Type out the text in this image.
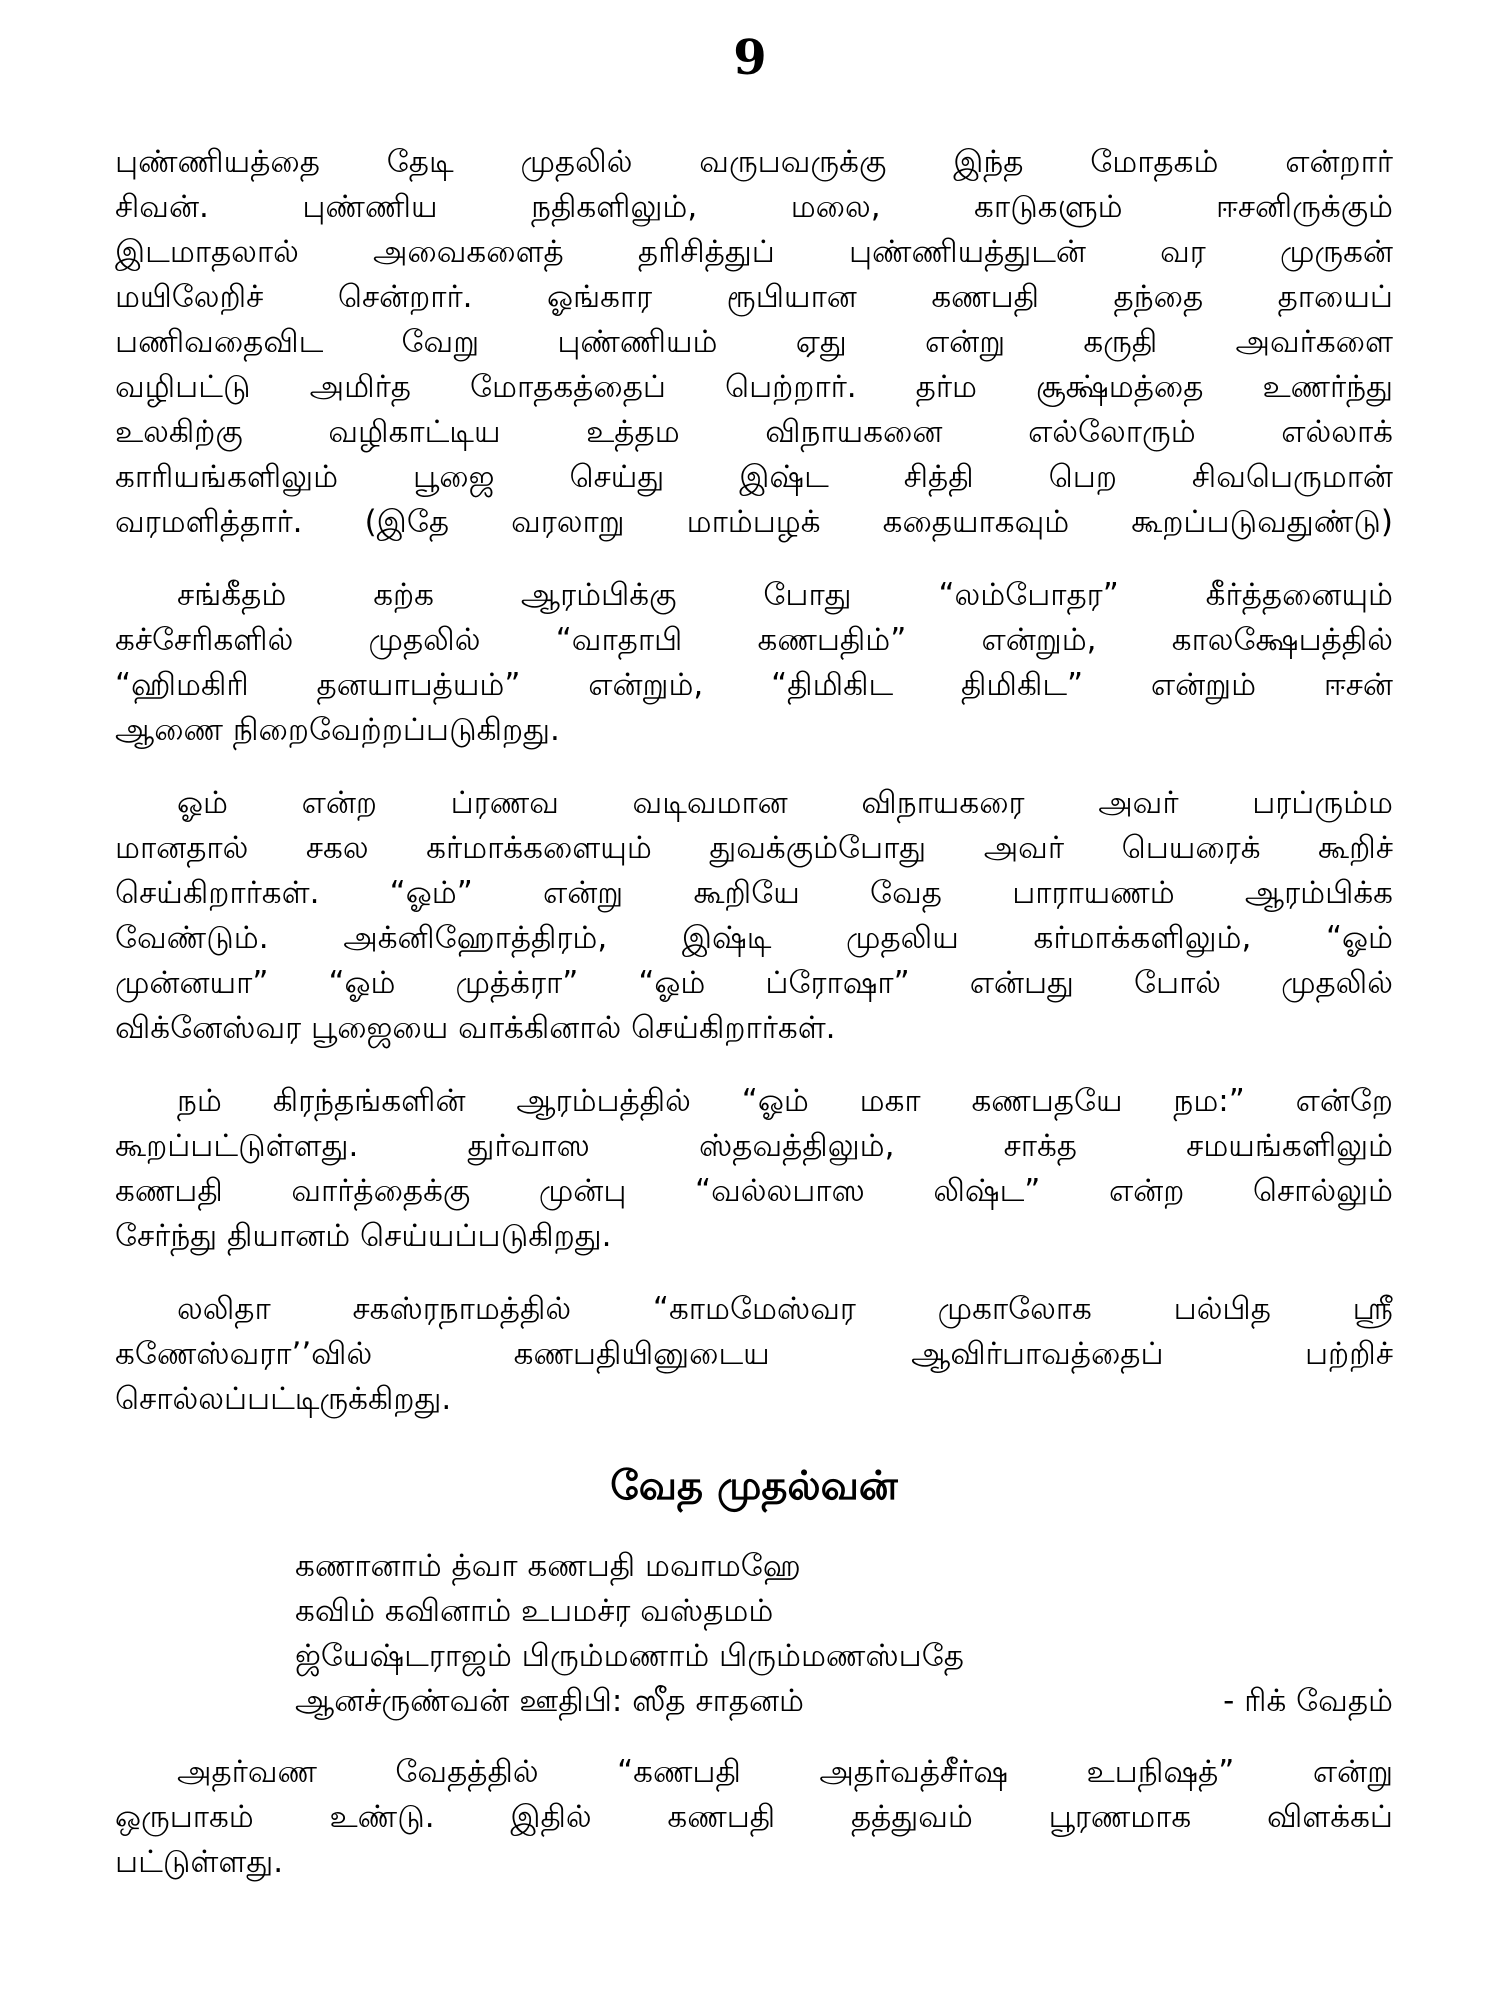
9
புண்ணியத்தை தேடி முதலில் வருபவருக்கு இந்த மோதகம் என்றார்
சிவன். புண்ணிய நதிகளிலும், மலை, காடுகளும் ஈசனிருக்கும்
இடமாதலால் அவைகளைத் தரிசித்துப் புண்ணியத்துடன் வர முருகன்
மயிலேறிச் சென்றார். ஓங்கார ரூபியான கணபதி தந்தை தாயைப்
பணிவதைவிட வேறு புண்ணியம் ஏது என்று கருதி அவர்களை
வழிபட்டு அமிர்த மோதகத்தைப் பெற்றார். தர்ம சூக்ஷ்மத்தை உணர்ந்து
உலகிற்கு வழிகாட்டிய உத்தம விநாயகனை எல்லோரும் எல்லாக்
காரியங்களிலும் பூஜை செய்து இஷ்ட சித்தி பெற சிவபெருமான்
வரமளித்தார். (இதே வரலாறு மாம்பழக் கதையாகவும் கூறப்படுவதுண்டு)
சங்கீதம் கற்க ஆரம்பிக்கு போது “லம்போதர” கீர்த்தனையும்
கச்சேரிகளில் முதலில் “வாதாபி கணபதிம்” என்றும், காலக்ஷேபத்தில்
“ஹிமகிரி தனயாபத்யம்” என்றும், “திமிகிட திமிகிட” என்றும் ஈசன்
ஆணை நிறைவேற்றப்படுகிறது.
ஓம் என்ற ப்ரணவ வடிவமான விநாயகரை அவர் பரப்ரும்ம
மானதால் சகல கர்மாக்களையும் துவக்கும்போது அவர் பெயரைக் கூறிச்
செய்கிறார்கள். “ஓம்” என்று கூறியே வேத பாராயணம் ஆரம்பிக்க
வேண்டும். அக்னிஹோத்திரம், இஷ்டி முதலிய கர்மாக்களிலும், “ஓம்
முன்னயா” “ஓம் முத்க்ரா” “ஓம் ப்ரோஷா” என்பது போல் முதலில்
விக்னேஸ்வர பூஜையை வாக்கினால் செய்கிறார்கள்.
நம் கிரந்தங்களின் ஆரம்பத்தில் “ஓம் மகா கணபதயே நம:” என்றே
கூறப்பட்டுள்ளது. துர்வாஸ ஸ்தவத்திலும், சாக்த சமயங்களிலும்
கணபதி வார்த்தைக்கு முன்பு “வல்லபாஸ லிஷ்ட” என்ற சொல்லும்
சேர்ந்து தியானம் செய்யப்படுகிறது.
லலிதா சகஸ்ரநாமத்தில் “காமமேஸ்வர முகாலோக பல்பித ஸ்ரீ
கணேஸ்வரா’’வில் கணபதியினுடைய ஆவிர்பாவத்தைப் பற்றிச்
சொல்லப்பட்டிருக்கிறது.
வேத முதல்வன்
கணானாம் த்வா கணபதி மவாமஹே
கவிம் கவினாம் உபமச்ர வஸ்தமம்
ஜ்யேஷ்டராஜம் பிரும்மணாம் பிரும்மணஸ்பதே
ஆனச்ருண்வன் ஊதிபி: ஸீத சாதனம்	- ரிக் வேதம்
அதர்வண வேதத்தில் “கணபதி அதர்வத்சீர்ஷ உபநிஷத்” என்று
ஒருபாகம் உண்டு. இதில் கணபதி தத்துவம் பூரணமாக விளக்கப்
பட்டுள்ளது.
